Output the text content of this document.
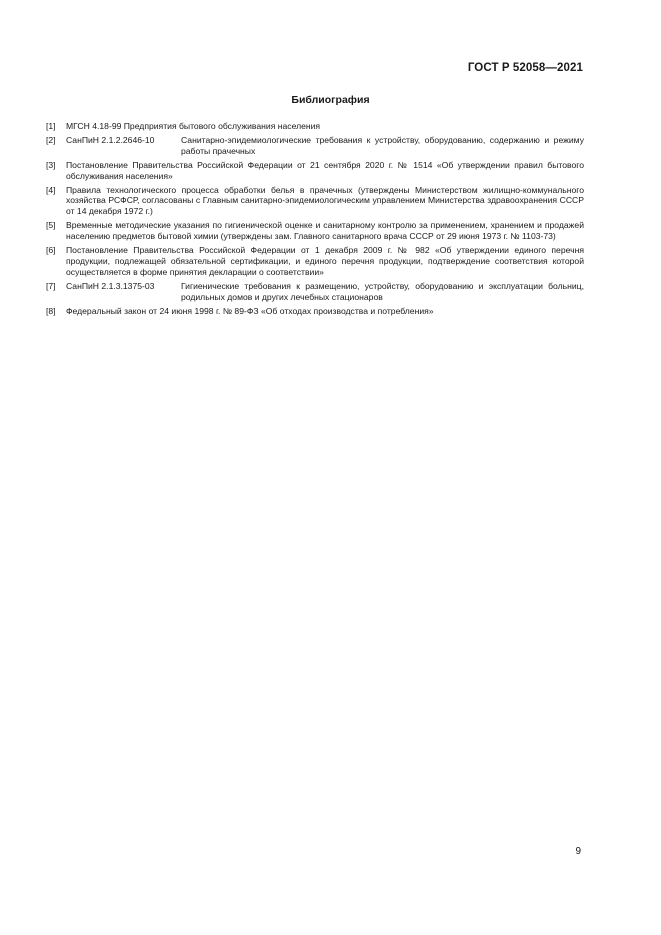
ГОСТ Р 52058—2021
Библиография
[1]	МГСН 4.18-99 Предприятия бытового обслуживания населения
[2]	СанПиН 2.1.2.2646-10	Санитарно-эпидемиологические требования к устройству, оборудованию, содержанию и режиму работы прачечных
[3]	Постановление Правительства Российской Федерации от 21 сентября 2020 г. № 1514 «Об утверждении правил бытового обслуживания населения»
[4]	Правила технологического процесса обработки белья в прачечных (утверждены Министерством жилищно-коммунального хозяйства РСФСР, согласованы с Главным санитарно-эпидемиологическим управлением Министерства здравоохранения СССР от 14 декабря 1972 г.)
[5]	Временные методические указания по гигиенической оценке и санитарному контролю за применением, хранением и продажей населению предметов бытовой химии (утверждены зам. Главного санитарного врача СССР от 29 июня 1973 г. № 1103-73)
[6]	Постановление Правительства Российской Федерации от 1 декабря 2009 г. № 982 «Об утверждении единого перечня продукции, подлежащей обязательной сертификации, и единого перечня продукции, подтверждение соответствия которой осуществляется в форме принятия декларации о соответствии»
[7]	СанПиН 2.1.3.1375-03	Гигиенические требования к размещению, устройству, оборудованию и эксплуатации больниц, родильных домов и других лечебных стационаров
[8]	Федеральный закон от 24 июня 1998 г. № 89-ФЗ «Об отходах производства и потребления»
9
